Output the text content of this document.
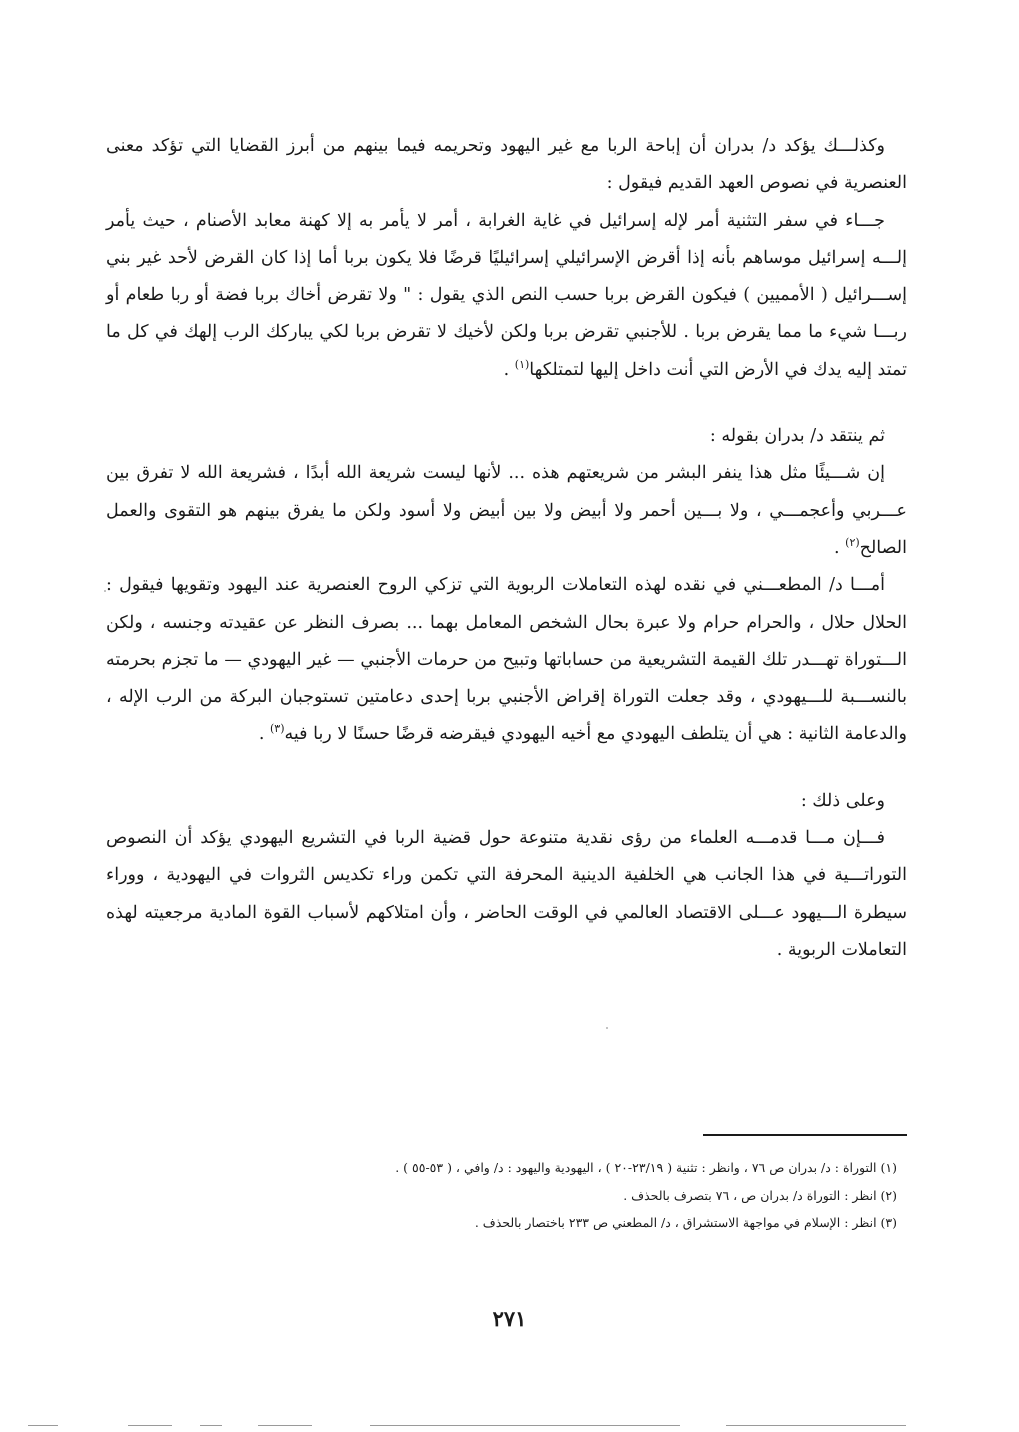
وكذلـــك يؤكد د/ بدران أن إباحة الربا مع غير اليهود وتحريمه فيما بينهم من أبرز القضايا التي تؤكد معنى العنصرية في نصوص العهد القديم فيقول :

جـــاء في سفر التثنية أمر لإله إسرائيل في غاية الغرابة ، أمر لا يأمر به إلا كهنة معابد الأصنام ، حيث يأمر إلـــه إسرائيل موساهم بأنه إذا أقرض الإسرائيلي إسرائيليًا قرضًا فلا يكون بربا أما إذا كان القرض لأحد غير بني إســـرائيل ( الأمميين ) فيكون القرض بربا حسب النص الذي يقول : " ولا تقرض أخاك بربا فضة أو ربا طعام أو ربـــا شيء ما مما يقرض بربا . للأجنبي تقرض بربا ولكن لأخيك لا تقرض بربا لكي يباركك الرب إلهك في كل ما تمتد إليه يدك في الأرض التي أنت داخل إليها لتمتلكها$^{(١)}$ .

ثم ينتقد د/ بدران بقوله :

إن شـــيئًا مثل هذا ينفر البشر من شريعتهم هذه ... لأنها ليست شريعة الله أبدًا ، فشريعة الله لا تفرق بين عـــربي وأعجمـــي ، ولا بـــين أحمر ولا أبيض ولا بين أبيض ولا أسود ولكن ما يفرق بينهم هو التقوى والعمل الصالح$^{(٢)}$ .

أمـــا د/ المطعـــني في نقده لهذه التعاملات الربوية التي تزكي الروح العنصرية عند اليهود وتقويها فيقول : الحلال حلال ، والحرام حرام ولا عبرة بحال الشخص المعامل بهما ... بصرف النظر عن عقيدته وجنسه ، ولكن الـــتوراة تهـــدر تلك القيمة التشريعية من حساباتها وتبيح من حرمات الأجنبي — غير اليهودي — ما تجزم بحرمته بالنســـبة للـــيهودي ، وقد جعلت التوراة إقراض الأجنبي بربا إحدى دعامتين تستوجبان البركة من الرب الإله ، والدعامة الثانية : هي أن يتلطف اليهودي مع أخيه اليهودي فيقرضه قرضًا حسنًا لا ربا فيه$^{(٣)}$ .

وعلى ذلك :

فـــإن مـــا قدمـــه العلماء من رؤى نقدية متنوعة حول قضية الربا في التشريع اليهودي يؤكد أن النصوص التوراتـــية في هذا الجانب هي الخلفية الدينية المحرفة التي تكمن وراء تكديس الثروات في اليهودية ، ووراء سيطرة الـــيهود عـــلى الاقتصاد العالمي في الوقت الحاضر ، وأن امتلاكهم لأسباب القوة المادية مرجعيته لهذه التعاملات الربوية .

(١) التوراة : د/ بدران ص ٧٦ ، وانظر : تثنية ( ٢٣/١٩-٢٠ ) ، اليهودية واليهود : د/ وافي ، ( ٥٣-٥٥ ) .

(٢) انظر : التوراة د/ بدران ص ، ٧٦ بتصرف بالحذف .

(٣) انظر : الإسلام في مواجهة الاستشراق ، د/ المطعني ص ٢٣٣ باختصار بالحذف .

٢٧١
